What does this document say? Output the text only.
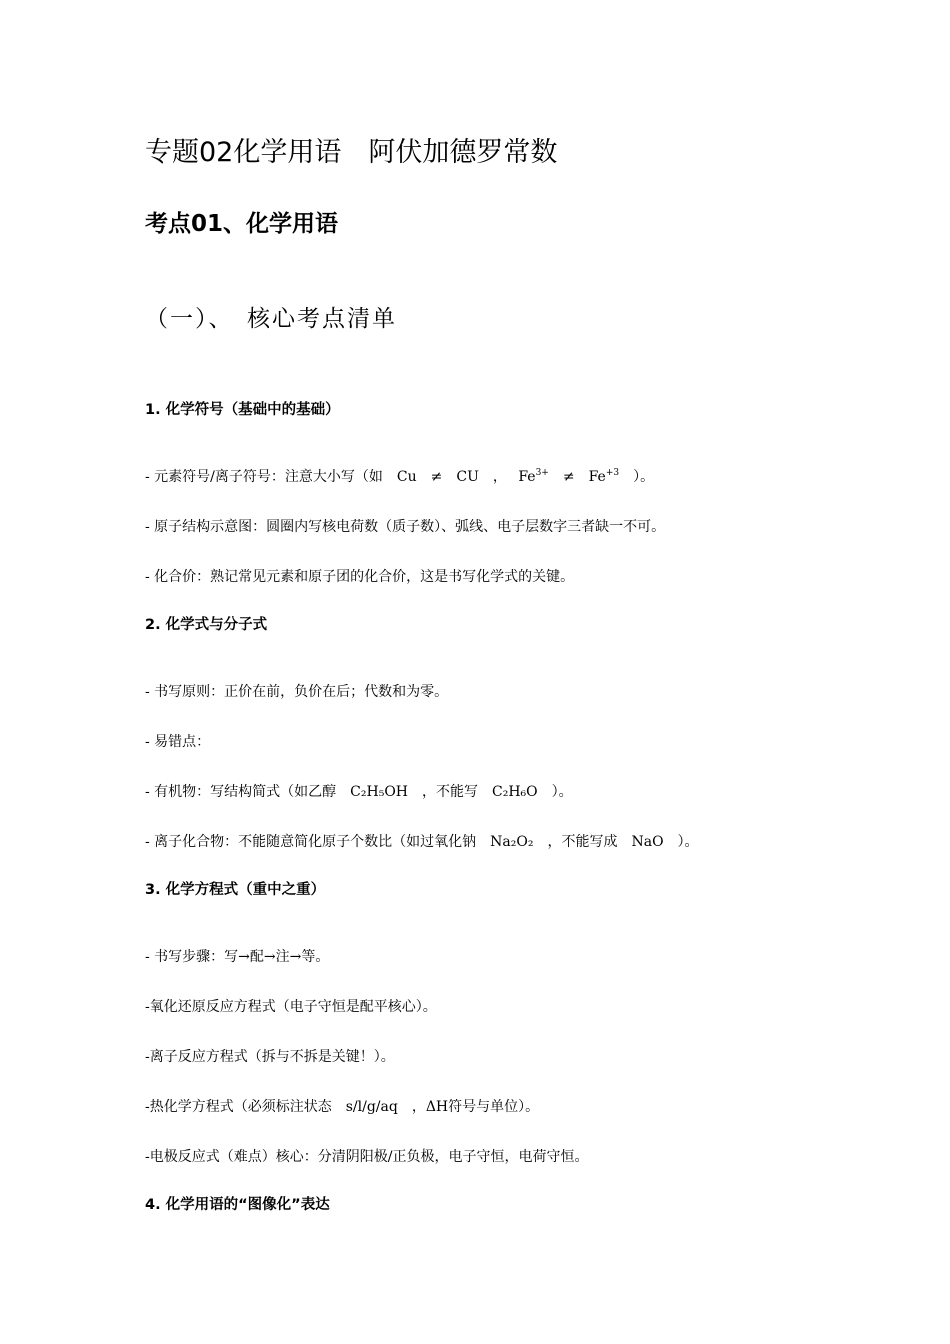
专题02化学用语　阿伏加德罗常数
考点01、化学用语
（一）、　核心考点清单
1. 化学符号（基础中的基础）
- 元素符号/离子符号：注意大小写（如　Cu　≠　CU　，　 $Fe^{3+}$　≠　$Fe^{+3}$　）。
- 原子结构示意图：圆圈内写核电荷数（质子数）、弧线、电子层数字三者缺一不可。
- 化合价：熟记常见元素和原子团的化合价，这是书写化学式的关键。
2. 化学式与分子式
- 书写原则：正价在前，负价在后；代数和为零。
- 易错点：
- 有机物：写结构简式（如乙醇　C₂H₅OH　，不能写　C₂H₆O　）。
- 离子化合物：不能随意简化原子个数比（如过氧化钠　Na₂O₂　，不能写成　NaO　）。
3. 化学方程式（重中之重）
- 书写步骤：写→配→注→等。
-氧化还原反应方程式（电子守恒是配平核心）。
-离子反应方程式（拆与不拆是关键！）。
-热化学方程式（必须标注状态　s/l/g/aq　，ΔH符号与单位）。
-电极反应式（难点）核心：分清阴阳极/正负极，电子守恒，电荷守恒。
4. 化学用语的“图像化”表达
